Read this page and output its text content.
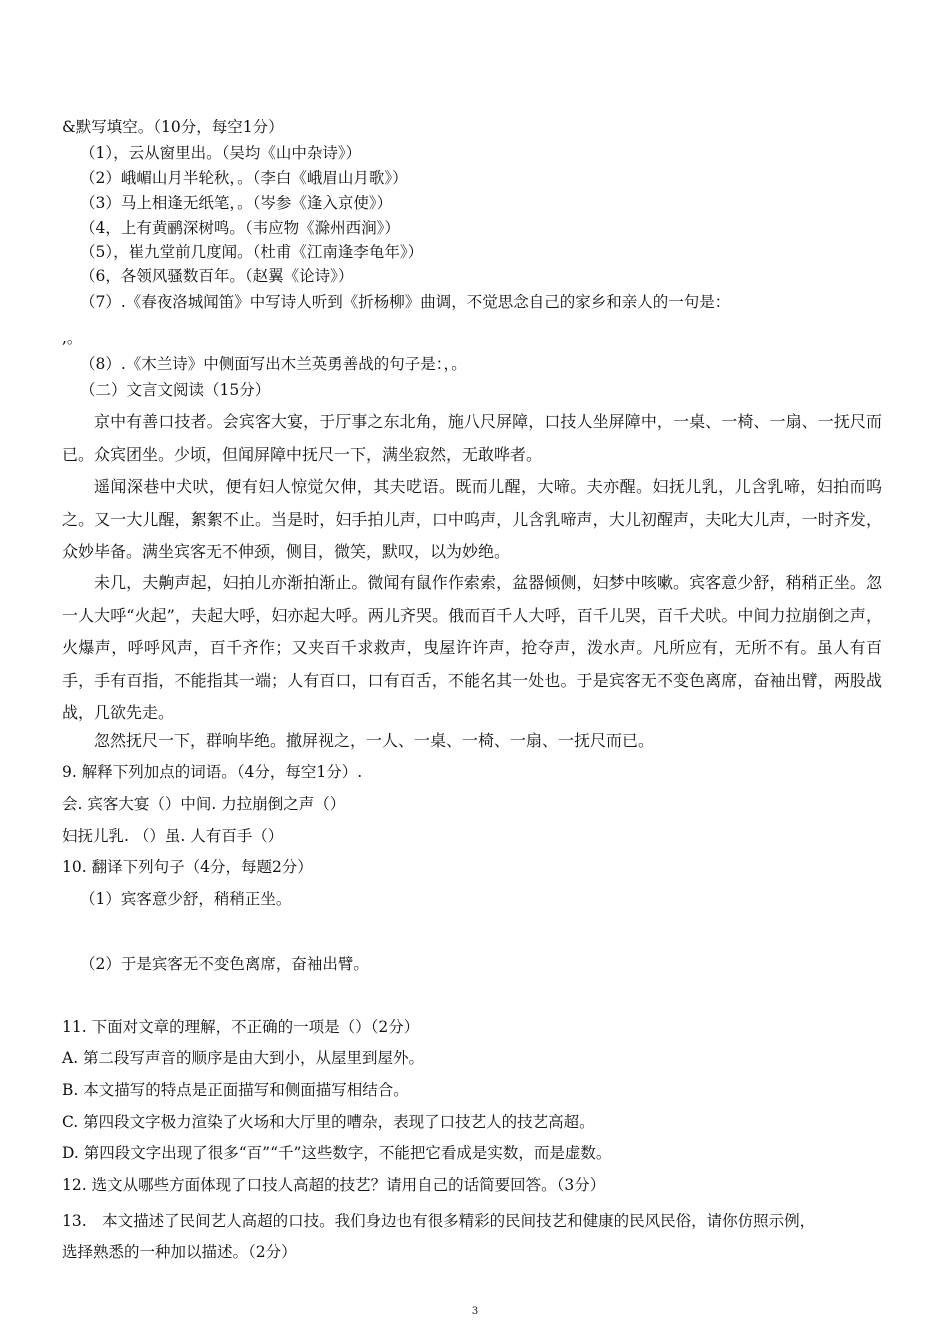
&默写填空。（10分，每空1分）
（1），云从窗里出。（吴均《山中杂诗》）
（2）峨嵋山月半轮秋，。（李白《峨眉山月歌》）
（3）马上相逢无纸笔，。（岑参《逢入京使》）
（4，上有黄鹂深树鸣。（韦应物《滁州西涧》）
（5），崔九堂前几度闻。（杜甫《江南逢李龟年》）
（6，各领风骚数百年。（赵翼《论诗》）
（7）.《春夜洛城闻笛》中写诗人听到《折杨柳》曲调，不觉思念自己的家乡和亲人的一句是：
,。
（8）.《木兰诗》中侧面写出木兰英勇善战的句子是：，。
（二）文言文阅读（15分）
京中有善口技者。会宾客大宴，于厅事之东北角，施八尺屏障，口技人坐屏障中，一桌、一椅、一扇、一抚尺而已。众宾团坐。少顷，但闻屏障中抚尺一下，满坐寂然，无敢哗者。
遥闻深巷中犬吠，便有妇人惊觉欠伸，其夫呓语。既而儿醒，大啼。夫亦醒。妇抚儿乳，儿含乳啼，妇拍而呜之。又一大儿醒，絮絮不止。当是时，妇手拍儿声，口中呜声，儿含乳啼声，大儿初醒声，夫叱大儿声，一时齐发，众妙毕备。满坐宾客无不伸颈，侧目，微笑，默叹，以为妙绝。
未几，夫齁声起，妇拍儿亦渐拍渐止。微闻有鼠作作索索，盆器倾侧，妇梦中咳嗽。宾客意少舒，稍稍正坐。忽一人大呼“火起”，夫起大呼，妇亦起大呼。两儿齐哭。俄而百千人大呼，百千儿哭，百千犬吠。中间力拉崩倒之声，火爆声，呼呼风声，百千齐作；又夹百千求救声，曳屋许许声，抢夺声，泼水声。凡所应有，无所不有。虽人有百手，手有百指，不能指其一端；人有百口，口有百舌，不能名其一处也。于是宾客无不变色离席，奋袖出臂，两股战战，几欲先走。
忽然抚尺一下，群响毕绝。撤屏视之，一人、一桌、一椅、一扇、一抚尺而已。
9. 解释下列加点的词语。（4分，每空1分）.
会. 宾客大宴（）中间. 力拉崩倒之声（）
妇抚儿乳. （）虽. 人有百手（）
10. 翻译下列句子（4分，每题2分）
（1）宾客意少舒，稍稍正坐。
（2）于是宾客无不变色离席，奋袖出臂。
11. 下面对文章的理解，不正确的一项是（）（2分）
A. 第二段写声音的顺序是由大到小，从屋里到屋外。
B. 本文描写的特点是正面描写和侧面描写相结合。
C. 第四段文字极力渲染了火场和大厅里的嘈杂，表现了口技艺人的技艺高超。
D. 第四段文字出现了很多“百”“千”这些数字，不能把它看成是实数，而是虚数。
12. 选文从哪些方面体现了口技人高超的技艺？请用自己的话简要回答。（3分）
13.　本文描述了民间艺人高超的口技。我们身边也有很多精彩的民间技艺和健康的民风民俗，请你仿照示例，
选择熟悉的一种加以描述。（2分）
3
